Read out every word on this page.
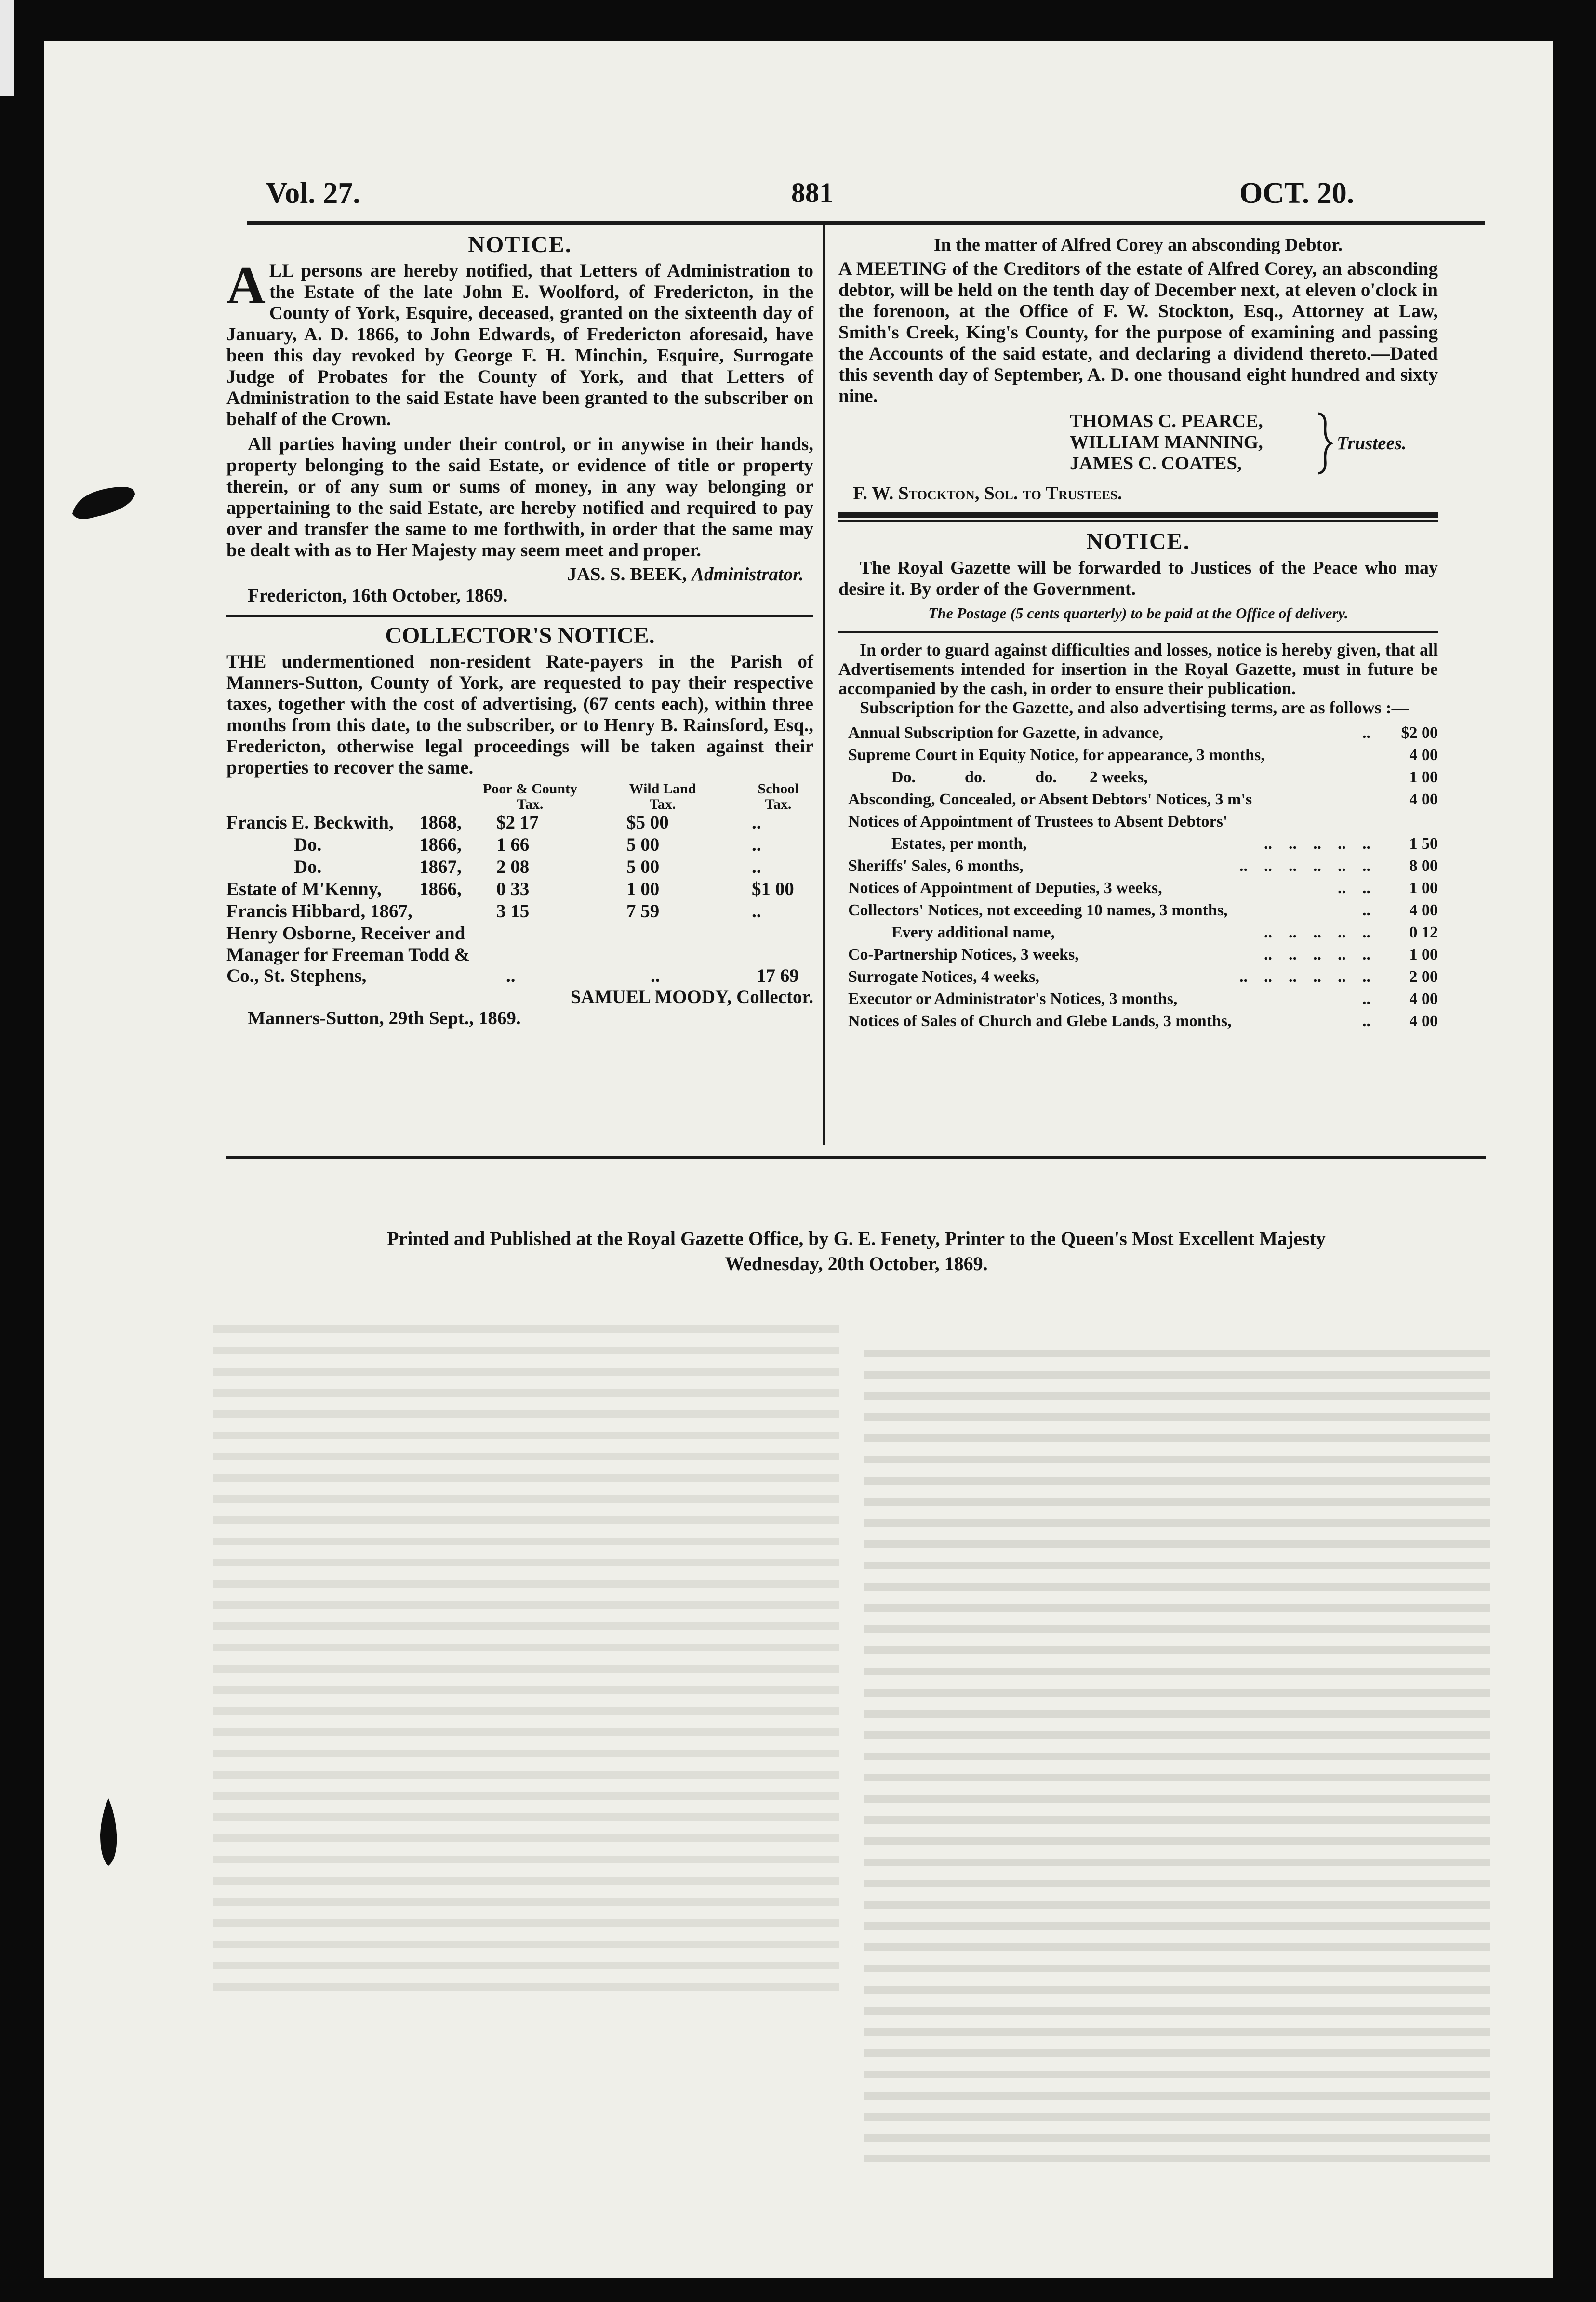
Vol. 27.	881	OCT. 20.
NOTICE.

ALL persons are hereby notified, that Letters of Administration to the Estate of the late John E. Woolford, of Fredericton, in the County of York, Esquire, deceased, granted on the sixteenth day of January, A. D. 1866, to John Edwards, of Fredericton aforesaid, have been this day revoked by George F. H. Minchin, Esquire, Surrogate Judge of Probates for the County of York, and that Letters of Administration to the said Estate have been granted to the subscriber on behalf of the Crown.

All parties having under their control, or in anywise in their hands, property belonging to the said Estate, or evidence of title or property therein, or of any sum or sums of money, in any way belonging or appertaining to the said Estate, are hereby notified and required to pay over and transfer the same to me forthwith, in order that the same may be dealt with as to Her Majesty may seem meet and proper.

JAS. S. BEEK, Administrator.

Fredericton, 16th October, 1869.

COLLECTOR'S NOTICE.

THE undermentioned non-resident Rate-payers in the Parish of Manners-Sutton, County of York, are requested to pay their respective taxes, together with the cost of advertising, (67 cents each), within three months from this date, to the subscriber, or to Henry B. Rainsford, Esq., Fredericton, otherwise legal proceedings will be taken against their properties to recover the same.

Poor & County
Tax.
Wild Land
Tax.
School
Tax.
Francis E. Beckwith, 1868, $2 17	$5 00	..
Do.	1866, 1 66	5 00	..
Do.	1867, 2 08	5 00	..
Estate of M'Kenny, 1866, 0 33	1 00	$1 00
Francis Hibbard, 1867,	3 15	7 59	..
Henry Osborne, Receiver and
Manager for Freeman Todd &
Co., St. Stephens,	..	..	17 69

SAMUEL MOODY, Collector.

Manners-Sutton, 29th Sept., 1869.

In the matter of Alfred Corey an absconding Debtor.

A MEETING of the Creditors of the estate of Alfred Corey, an absconding debtor, will be held on the tenth day of December next, at eleven o'clock in the forenoon, at the Office of F. W. Stockton, Esq., Attorney at Law, Smith's Creek, King's County, for the purpose of examining and passing the Accounts of the said estate, and declaring a dividend thereto.—Dated this seventh day of September, A. D. one thousand eight hundred and sixty nine.

THOMAS C. PEARCE,
WILLIAM MANNING,
JAMES C. COATES,
Trustees.

F. W. Stockton, Sol. to Trustees.

NOTICE.

The Royal Gazette will be forwarded to Justices of the Peace who may desire it. By order of the Government.

The Postage (5 cents quarterly) to be paid at the Office of delivery.

In order to guard against difficulties and losses, notice is hereby given, that all Advertisements intended for insertion in the Royal Gazette, must in future be accompanied by the cash, in order to ensure their publication.

Subscription for the Gazette, and also advertising terms, are as follows :—

Annual Subscription for Gazette, in advance,	..	$2 00
Supreme Court in Equity Notice, for appearance, 3 months,	4 00
Do.            do.            do.        2 weeks,	1 00
Absconding, Concealed, or Absent Debtors' Notices, 3 m's	4 00
Notices of Appointment of Trustees to Absent Debtors'
Estates, per month,	..    ..    ..    ..    ..	1 50
Sheriffs' Sales, 6 months,	..    ..    ..    ..    ..    ..	8 00
Notices of Appointment of Deputies, 3 weeks,	..    ..	1 00
Collectors' Notices, not exceeding 10 names, 3 months,	..	4 00
Every additional name,	..    ..    ..    ..    ..	0 12
Co-Partnership Notices, 3 weeks,	..    ..    ..    ..    ..	1 00
Surrogate Notices, 4 weeks,	..    ..    ..    ..    ..    ..	2 00
Executor or Administrator's Notices, 3 months,	..	4 00
Notices of Sales of Church and Glebe Lands, 3 months,	..	4 00
Printed and Published at the Royal Gazette Office, by G. E. Fenety, Printer to the Queen's Most Excellent Majesty
Wednesday, 20th October, 1869.
